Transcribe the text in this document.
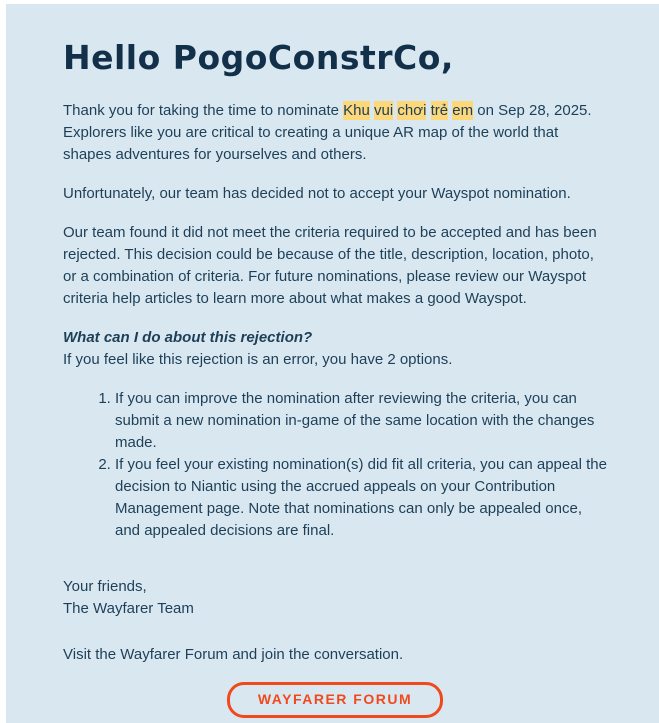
Hello PogoConstrCo,

Thank you for taking the time to nominate Khu vui chơi trẻ em on Sep 28, 2025. Explorers like you are critical to creating a unique AR map of the world that shapes adventures for yourselves and others.

Unfortunately, our team has decided not to accept your Wayspot nomination.

Our team found it did not meet the criteria required to be accepted and has been rejected. This decision could be because of the title, description, location, photo, or a combination of criteria. For future nominations, please review our Wayspot criteria help articles to learn more about what makes a good Wayspot.

What can I do about this rejection?
If you feel like this rejection is an error, you have 2 options.

1. If you can improve the nomination after reviewing the criteria, you can submit a new nomination in-game of the same location with the changes made.
2. If you feel your existing nomination(s) did fit all criteria, you can appeal the decision to Niantic using the accrued appeals on your Contribution Management page. Note that nominations can only be appealed once, and appealed decisions are final.

Your friends,
The Wayfarer Team

Visit the Wayfarer Forum and join the conversation.

WAYFARER FORUM
